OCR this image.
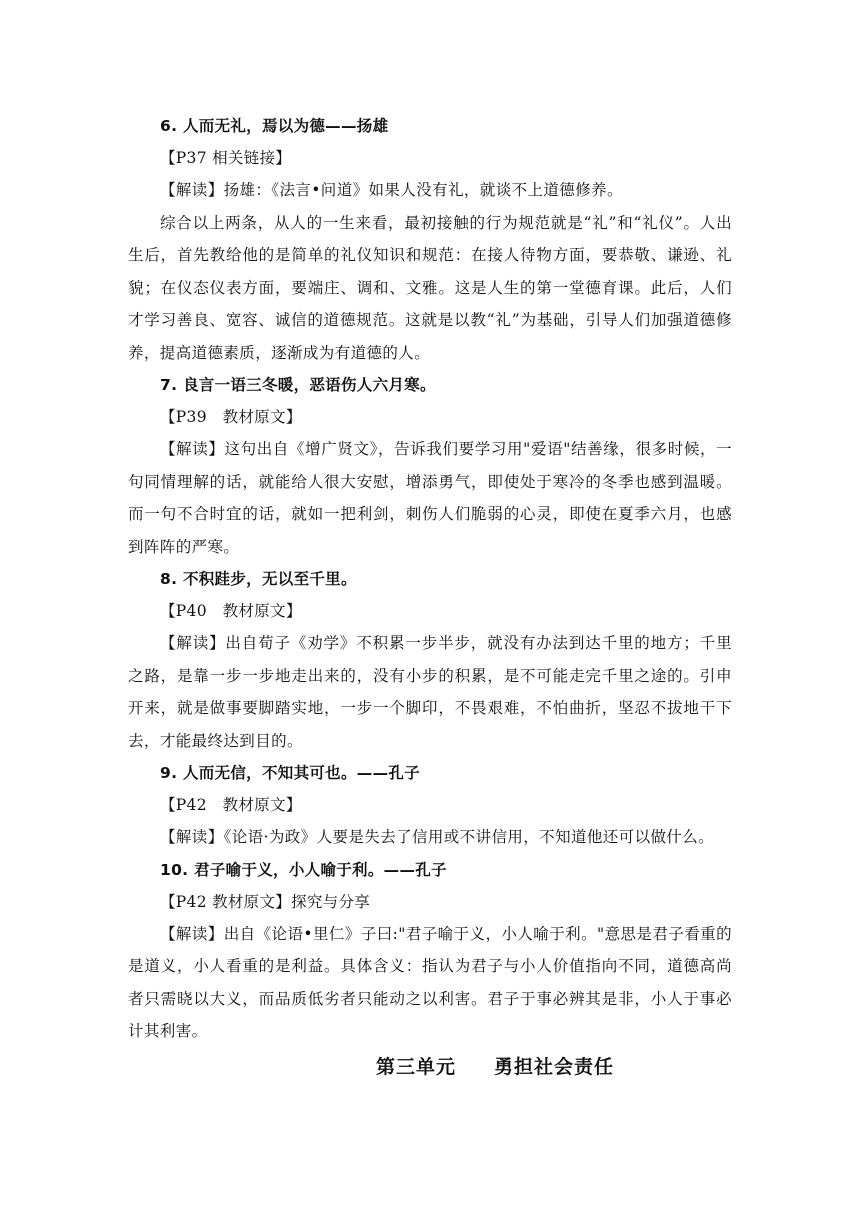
6. 人而无礼，焉以为德——扬雄

【P37 相关链接】

【解读】扬雄：《法言•问道》如果人没有礼，就谈不上道德修养。

综合以上两条，从人的一生来看，最初接触的行为规范就是“礼”和“礼仪”。人出生后，首先教给他的是简单的礼仪知识和规范：在接人待物方面，要恭敬、谦逊、礼貌；在仪态仪表方面，要端庄、调和、文雅。这是人生的第一堂德育课。此后，人们才学习善良、宽容、诚信的道德规范。这就是以教“礼”为基础，引导人们加强道德修养，提高道德素质，逐渐成为有道德的人。

7. 良言一语三冬暖，恶语伤人六月寒。

【P39　教材原文】

【解读】这句出自《增广贤文》，告诉我们要学习用"爱语"结善缘，很多时候，一句同情理解的话，就能给人很大安慰，增添勇气，即使处于寒冷的冬季也感到温暖。而一句不合时宜的话，就如一把利剑，刺伤人们脆弱的心灵，即使在夏季六月，也感到阵阵的严寒。

8. 不积跬步，无以至千里。

【P40　教材原文】

【解读】出自荀子《劝学》不积累一步半步，就没有办法到达千里的地方；千里之路，是靠一步一步地走出来的，没有小步的积累，是不可能走完千里之途的。引申开来，就是做事要脚踏实地，一步一个脚印，不畏艰难，不怕曲折，坚忍不拔地干下去，才能最终达到目的。

9. 人而无信，不知其可也。——孔子

【P42　教材原文】

【解读】《论语·为政》人要是失去了信用或不讲信用，不知道他还可以做什么。

10. 君子喻于义，小人喻于利。——孔子

【P42 教材原文】探究与分享

【解读】出自《论语•里仁》子曰:"君子喻于义，小人喻于利。"意思是君子看重的是道义，小人看重的是利益。具体含义：指认为君子与小人价值指向不同，道德高尚者只需晓以大义，而品质低劣者只能动之以利害。君子于事必辨其是非，小人于事必计其利害。

第三单元 勇担社会责任
